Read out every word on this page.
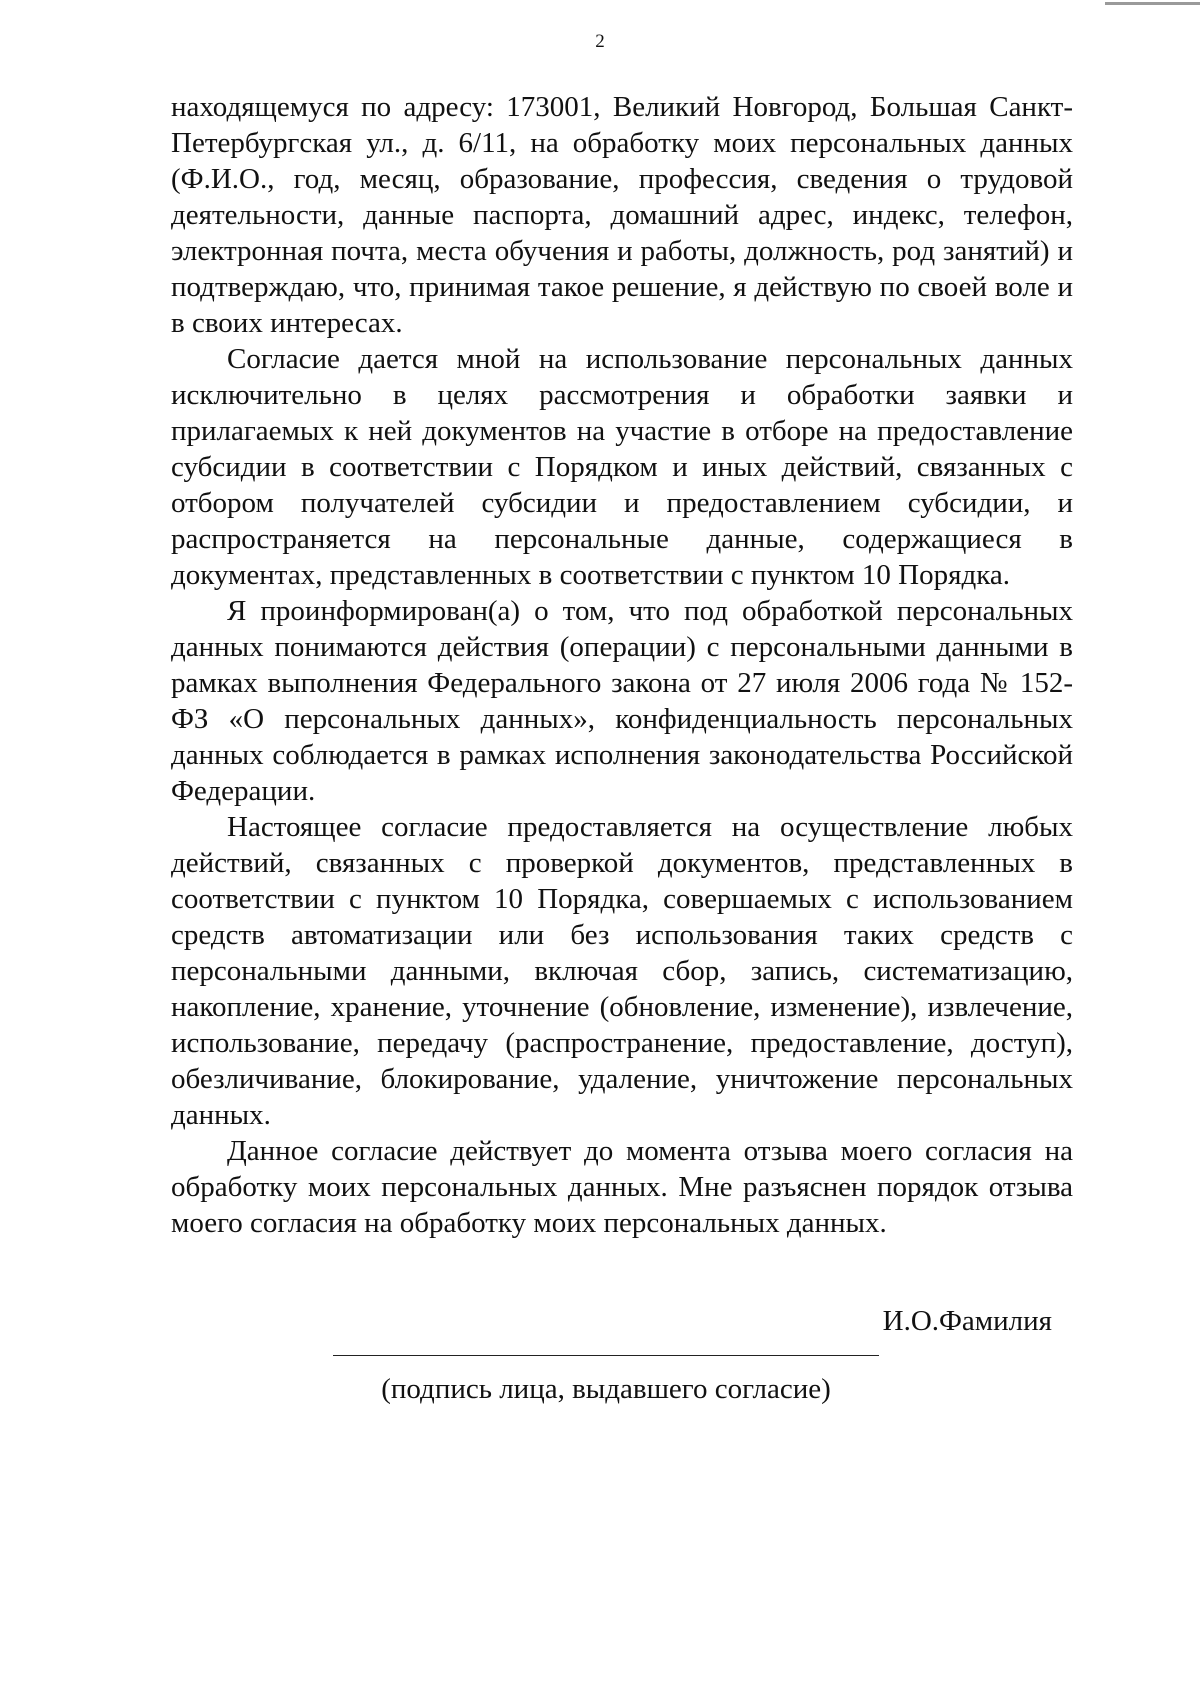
2

находящемуся по адресу: 173001, Великий Новгород, Большая Санкт-Петербургская ул., д. 6/11, на обработку моих персональных данных (Ф.И.О., год, месяц, образование, профессия, сведения о трудовой деятельности, данные паспорта, домашний адрес, индекс, телефон, электронная почта, места обучения и работы, должность, род занятий) и подтверждаю, что, принимая такое решение, я действую по своей воле и в своих интересах.

Согласие дается мной на использование персональных данных исключительно в целях рассмотрения и обработки заявки и прилагаемых к ней документов на участие в отборе на предоставление субсидии в соответствии с Порядком и иных действий, связанных с отбором получателей субсидии и предоставлением субсидии, и распространяется на персональные данные, содержащиеся в документах, представленных в соответствии с пунктом 10 Порядка.

Я проинформирован(а) о том, что под обработкой персональных данных понимаются действия (операции) с персональными данными в рамках выполнения Федерального закона от 27 июля 2006 года № 152-ФЗ «О персональных данных», конфиденциальность персональных данных соблюдается в рамках исполнения законодательства Российской Федерации.

Настоящее согласие предоставляется на осуществление любых действий, связанных с проверкой документов, представленных в соответствии с пунктом 10 Порядка, совершаемых с использованием средств автоматизации или без использования таких средств с персональными данными, включая сбор, запись, систематизацию, накопление, хранение, уточнение (обновление, изменение), извлечение, использование, передачу (распространение, предоставление, доступ), обезличивание, блокирование, удаление, уничтожение персональных данных.

Данное согласие действует до момента отзыва моего согласия на обработку моих персональных данных. Мне разъяснен порядок отзыва моего согласия на обработку моих персональных данных.

И.О.Фамилия
(подпись лица, выдавшего согласие)
